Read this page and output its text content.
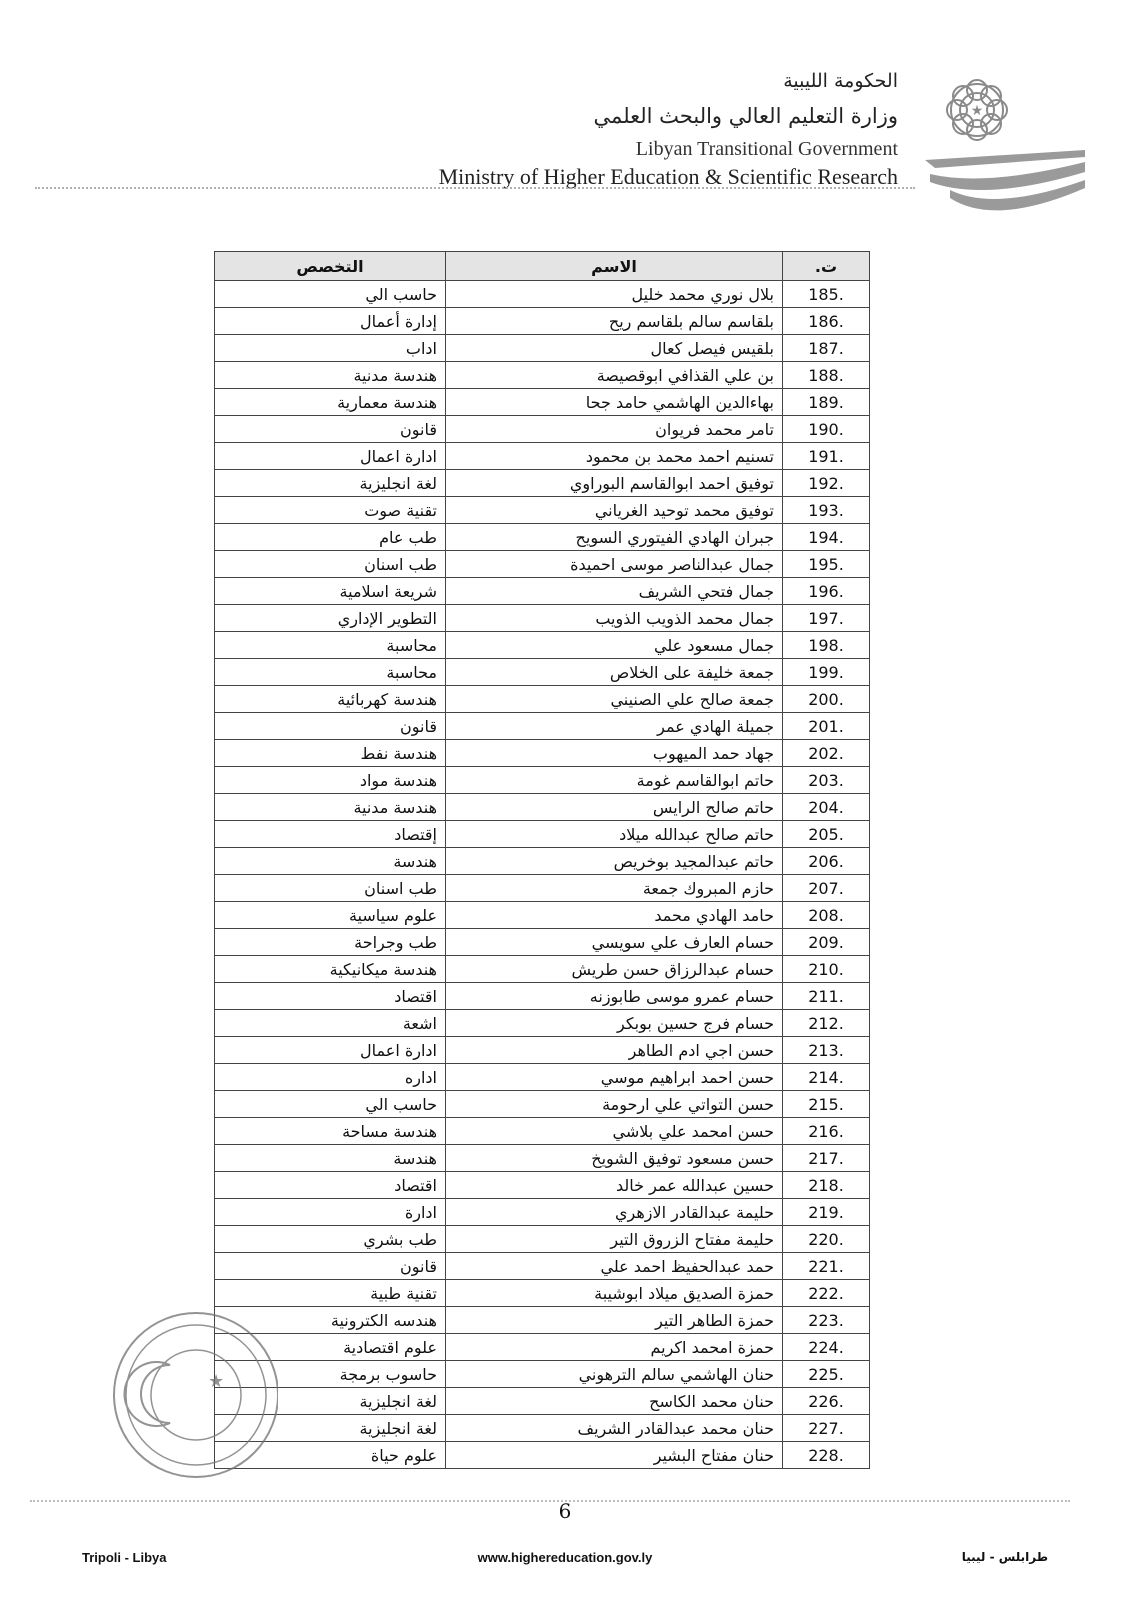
الحكومة الليبية
وزارة التعليم العالي والبحث العلمي
Libyan Transitional Government
Ministry of Higher Education & Scientific Research
★
ت.	الاسم	التخصص
185.	بلال نوري محمد خليل	حاسب الي
186.	بلقاسم سالم بلقاسم ريح	إدارة أعمال
187.	بلقيس فيصل كعال	اداب
188.	بن علي القذافي ابوقصيصة	هندسة مدنية
189.	بهاءالدين الهاشمي حامد جحا	هندسة معمارية
190.	تامر محمد فريوان	قانون
191.	تسنيم احمد محمد بن محمود	ادارة اعمال
192.	توفيق احمد ابوالقاسم البوراوي	لغة انجليزية
193.	توفيق محمد توحيد الغرياني	تقنية صوت
194.	جبران الهادي الفيتوري السويح	طب عام
195.	جمال عبدالناصر موسى احميدة	طب اسنان
196.	جمال فتحي الشريف	شريعة اسلامية
197.	جمال محمد الذويب الذويب	التطوير الإداري
198.	جمال مسعود علي	محاسبة
199.	جمعة خليفة على الخلاص	محاسبة
200.	جمعة صالح علي الصنيني	هندسة كهربائية
201.	جميلة الهادي عمر	قانون
202.	جهاد حمد الميهوب	هندسة نفط
203.	حاتم ابوالقاسم غومة	هندسة مواد
204.	حاتم صالح الرايس	هندسة مدنية
205.	حاتم صالح عبدالله ميلاد	إقتصاد
206.	حاتم عبدالمجيد بوخريص	هندسة
207.	حازم المبروك جمعة	طب اسنان
208.	حامد الهادي محمد	علوم سياسية
209.	حسام العارف علي سويسي	طب وجراحة
210.	حسام عبدالرزاق حسن طريش	هندسة ميكانيكية
211.	حسام عمرو موسى طابوزنه	اقتصاد
212.	حسام فرج حسين بوبكر	اشعة
213.	حسن اجي ادم الطاهر	ادارة اعمال
214.	حسن احمد ابراهيم موسي	اداره
215.	حسن التواتي علي ارحومة	حاسب الي
216.	حسن امحمد علي بلاشي	هندسة مساحة
217.	حسن مسعود توفيق الشويخ	هندسة
218.	حسين عبدالله عمر خالد	اقتصاد
219.	حليمة عبدالقادر الازهري	ادارة
220.	حليمة مفتاح الزروق التير	طب بشري
221.	حمد عبدالحفيظ احمد علي	قانون
222.	حمزة الصديق ميلاد ابوشيبة	تقنية طبية
223.	حمزة الطاهر التير	هندسه الكترونية
224.	حمزة امحمد اكريم	علوم اقتصادية
225.	حنان الهاشمي سالم الترهوني	حاسوب برمجة
226.	حنان محمد الكاسح	لغة انجليزية
227.	حنان محمد عبدالقادر الشريف	لغة انجليزية
228.	حنان مفتاح البشير	علوم حياة
★
6
Tripoli - Libya	www.highereducation.gov.ly	طرابلس - ليبيا
